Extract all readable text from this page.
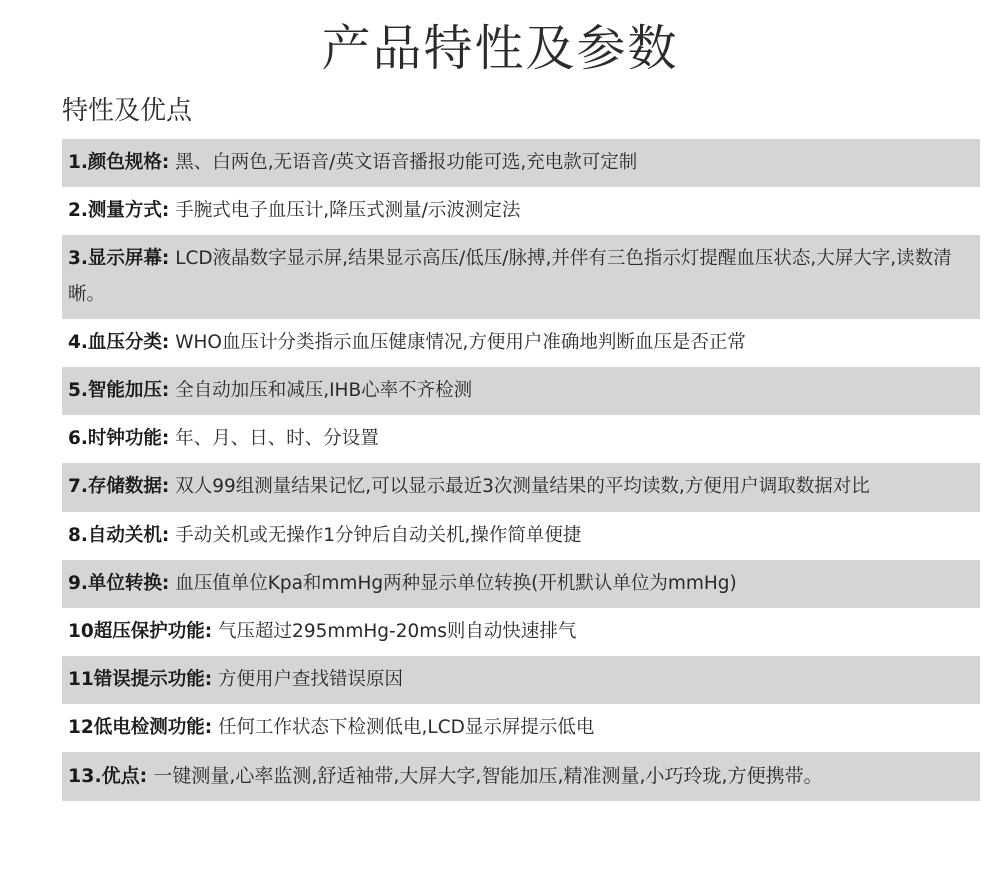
产品特性及参数
特性及优点
1.颜色规格: 黑、白两色,无语音/英文语音播报功能可选,充电款可定制
2.测量方式: 手腕式电子血压计,降压式测量/示波测定法
3.显示屏幕: LCD液晶数字显示屏,结果显示高压/低压/脉搏,并伴有三色指示灯提醒血压状态,大屏大字,读数清晰。
4.血压分类: WHO血压计分类指示血压健康情况,方便用户准确地判断血压是否正常
5.智能加压: 全自动加压和减压,IHB心率不齐检测
6.时钟功能: 年、月、日、时、分设置
7.存储数据: 双人99组测量结果记忆,可以显示最近3次测量结果的平均读数,方便用户调取数据对比
8.自动关机: 手动关机或无操作1分钟后自动关机,操作简单便捷
9.单位转换: 血压值单位Kpa和mmHg两种显示单位转换(开机默认单位为mmHg)
10超压保护功能: 气压超过295mmHg-20ms则自动快速排气
11错误提示功能: 方便用户查找错误原因
12低电检测功能: 任何工作状态下检测低电,LCD显示屏提示低电
13.优点: 一键测量,心率监测,舒适袖带,大屏大字,智能加压,精准测量,小巧玲珑,方便携带。
